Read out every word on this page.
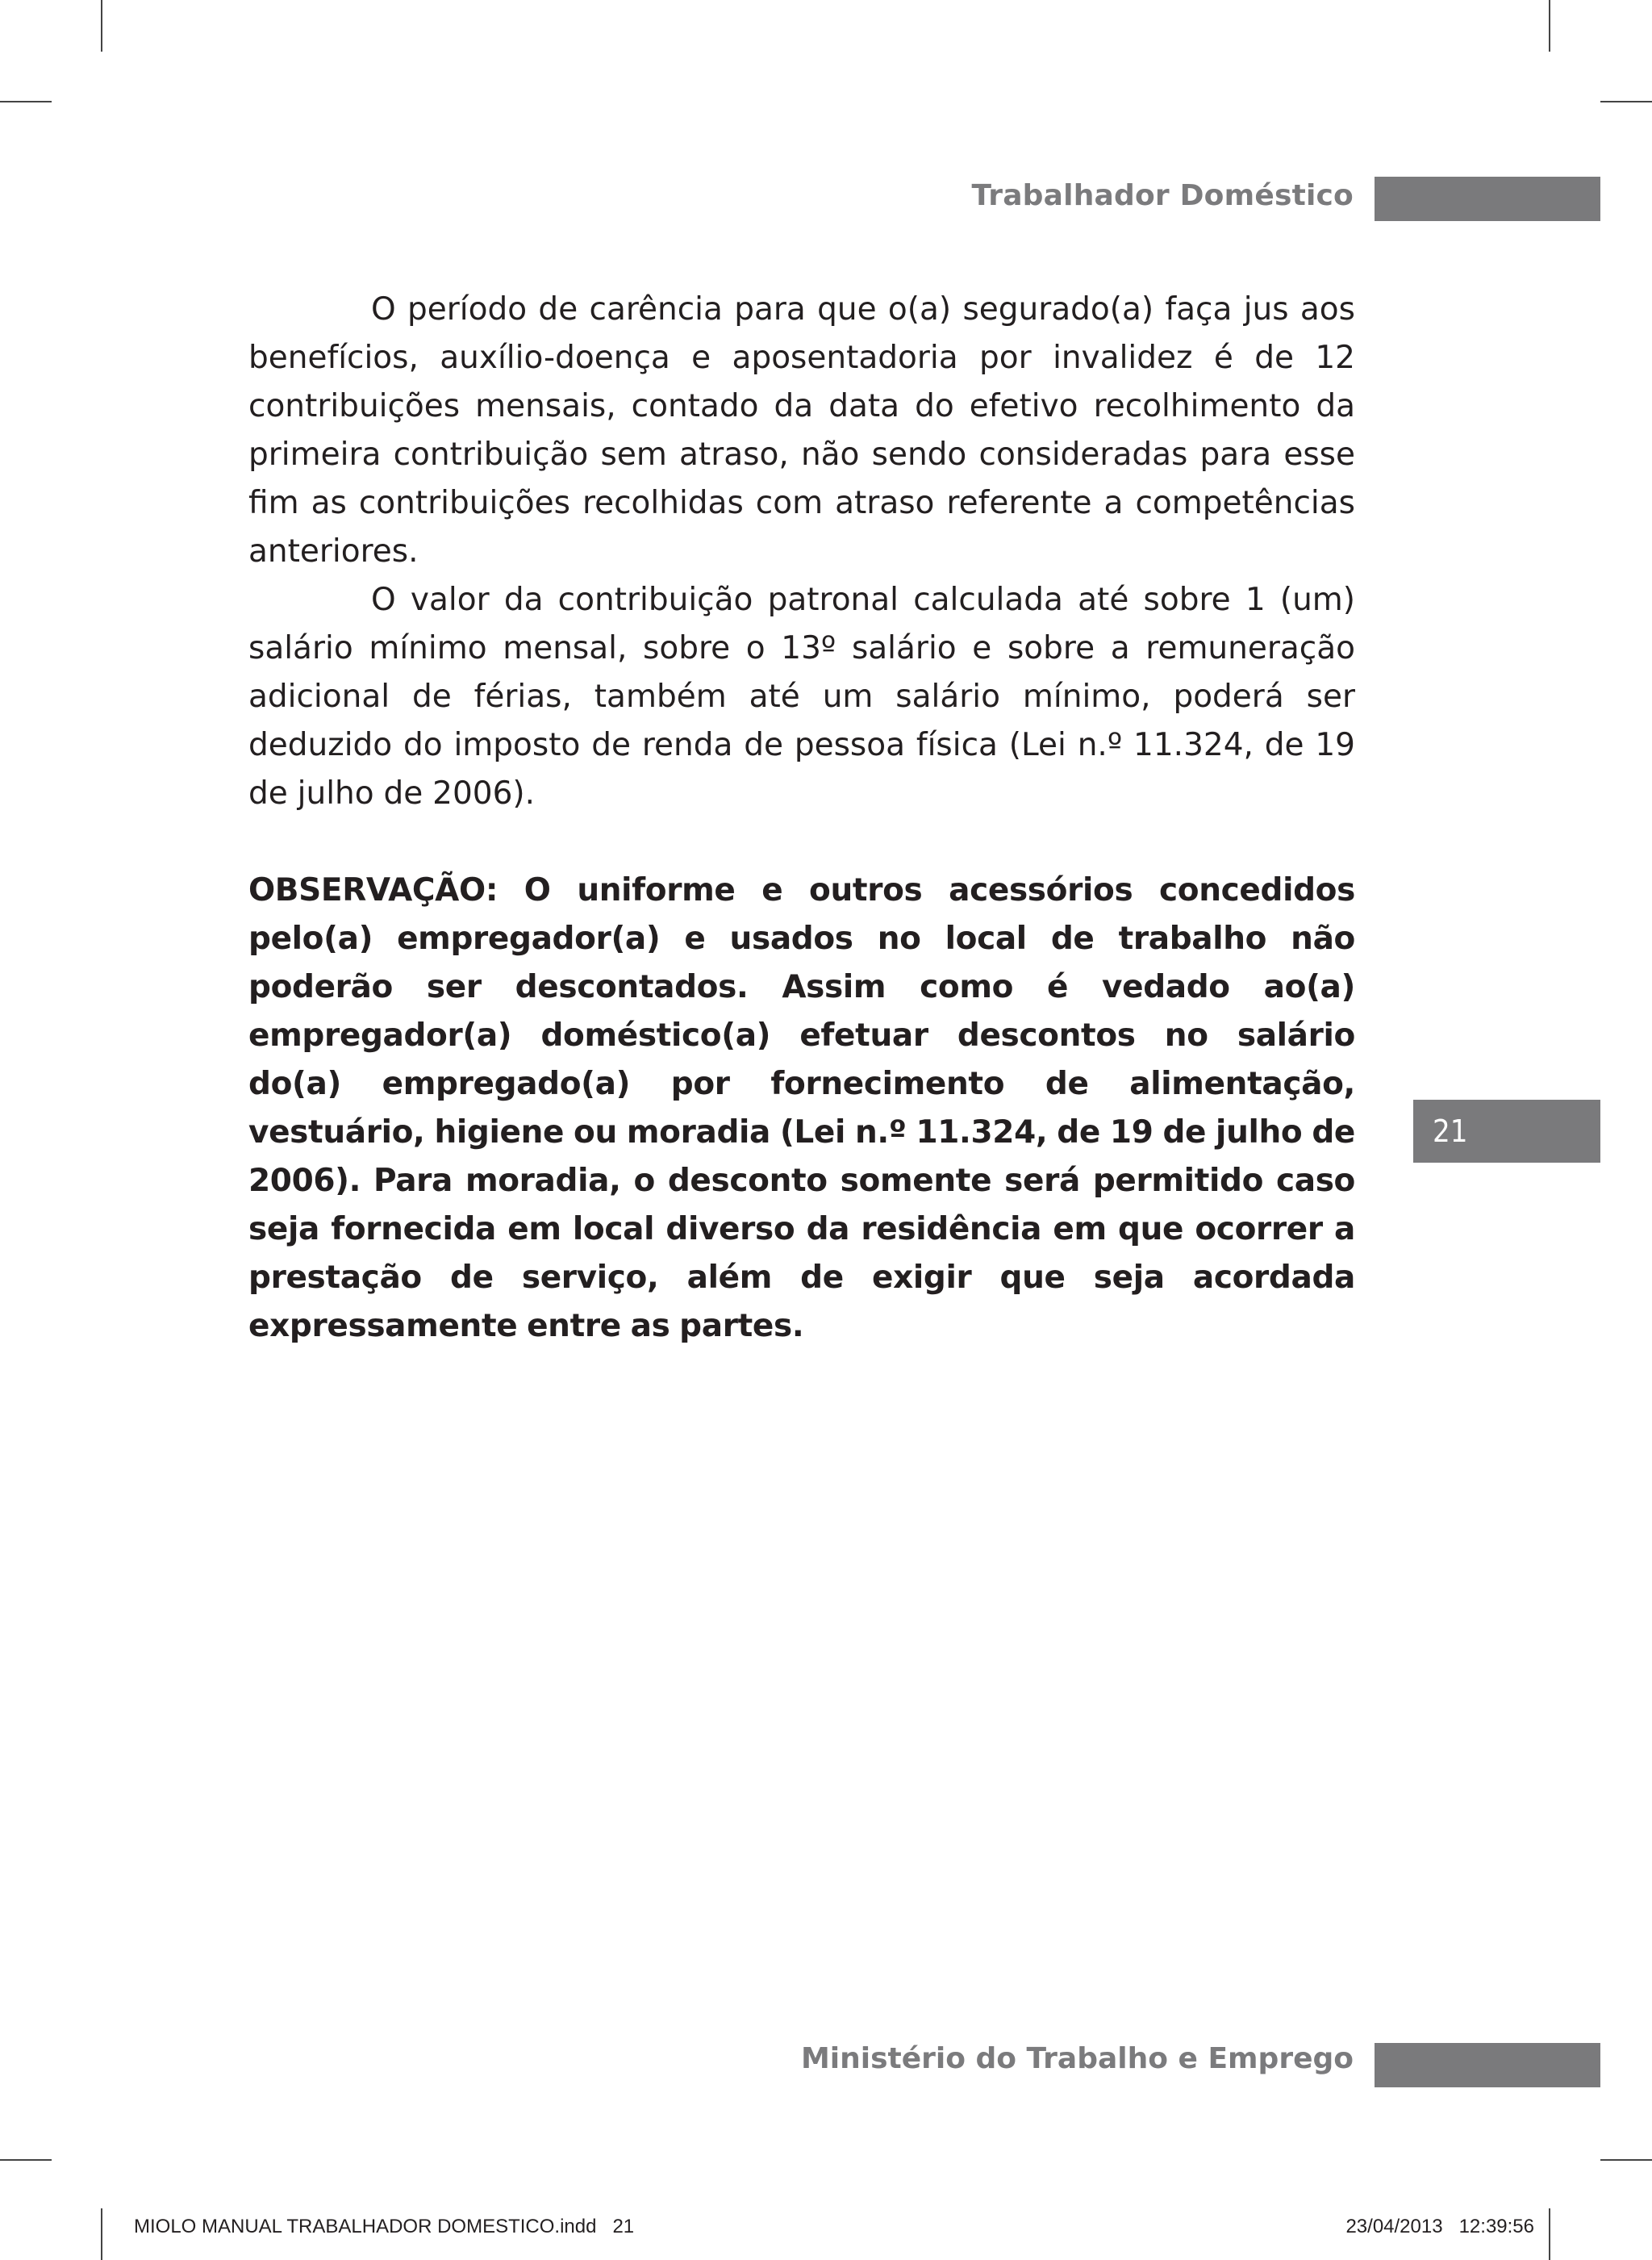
Trabalhador Doméstico

O período de carência para que o(a) segurado(a) faça jus aos benefícios, auxílio-doença e aposentadoria por invalidez é de 12 contribuições mensais, contado da data do efetivo recolhimento da primeira contribuição sem atraso, não sendo consideradas para esse fim as contribuições recolhidas com atraso referente a competências anteriores.

O valor da contribuição patronal calculada até sobre 1 (um) salário mínimo mensal, sobre o 13º salário e sobre a remuneração adicional de férias, também até um salário mínimo, poderá ser deduzido do imposto de renda de pessoa física (Lei n.º 11.324, de 19 de julho de 2006).

OBSERVAÇÃO: O uniforme e outros acessórios concedidos pelo(a) empregador(a) e usados no local de trabalho não poderão ser descontados. Assim como é vedado ao(a) empregador(a) doméstico(a) efetuar descontos no salário do(a) empregado(a) por fornecimento de alimentação, vestuário, higiene ou moradia (Lei n.º 11.324, de 19 de julho de 2006). Para moradia, o desconto somente será permitido caso seja fornecida em local diverso da residência em que ocorrer a prestação de serviço, além de exigir que seja acordada expressamente entre as partes.

21
Ministério do Trabalho e Emprego
MIOLO MANUAL TRABALHADOR DOMESTICO.indd   21	23/04/2013   12:39:56
